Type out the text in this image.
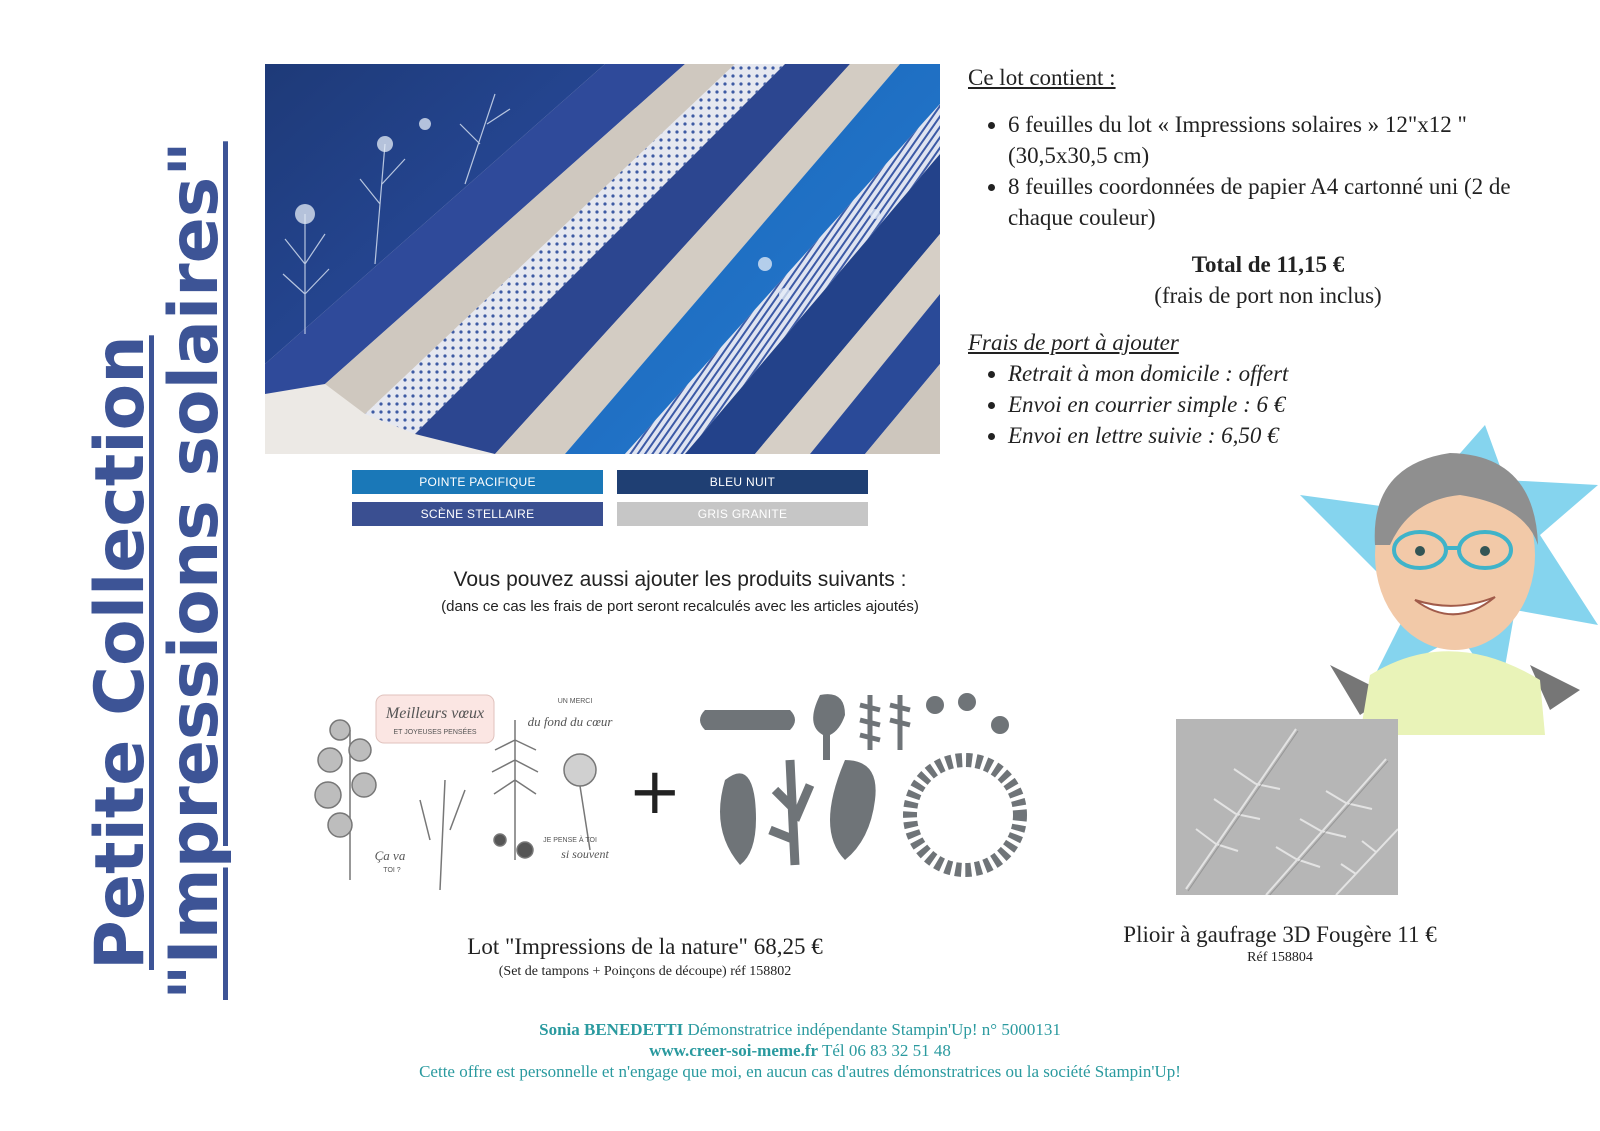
Petite Collection
"Impressions solaires"	POINTE PACIFIQUE	BLEU NUIT
SCÈNE STELLAIRE	GRIS GRANITE
Ce lot contient :
• 6 feuilles du lot « Impressions solaires » 12"x12 " (30,5x30,5 cm)
• 8 feuilles coordonnées de papier A4 cartonné uni (2 de chaque couleur)
Total de 11,15 €
(frais de port non inclus)
Frais de port à ajouter
• Retrait à mon domicile : offert
• Envoi en courrier simple : 6 €
• Envoi en lettre suivie : 6,50 €
Vous pouvez aussi ajouter les produits suivants :
(dans ce cas les frais de port seront recalculés avec les articles ajoutés)
Meilleurs vœux
ET JOYEUSES PENSÉES
UN MERCI
du fond du cœur
JE PENSE À TOI
si souvent
Ça va
TOI ?
+
Lot "Impressions de la nature" 68,25 €
(Set de tampons + Poinçons de découpe) réf 158802
Plioir à gaufrage 3D Fougère 11 €
Réf 158804
Sonia BENEDETTI Démonstratrice indépendante Stampin'Up! n° 5000131
www.creer-soi-meme.fr Tél 06 83 32 51 48
Cette offre est personnelle et n'engage que moi, en aucun cas d'autres démonstratrices ou la société Stampin'Up!
